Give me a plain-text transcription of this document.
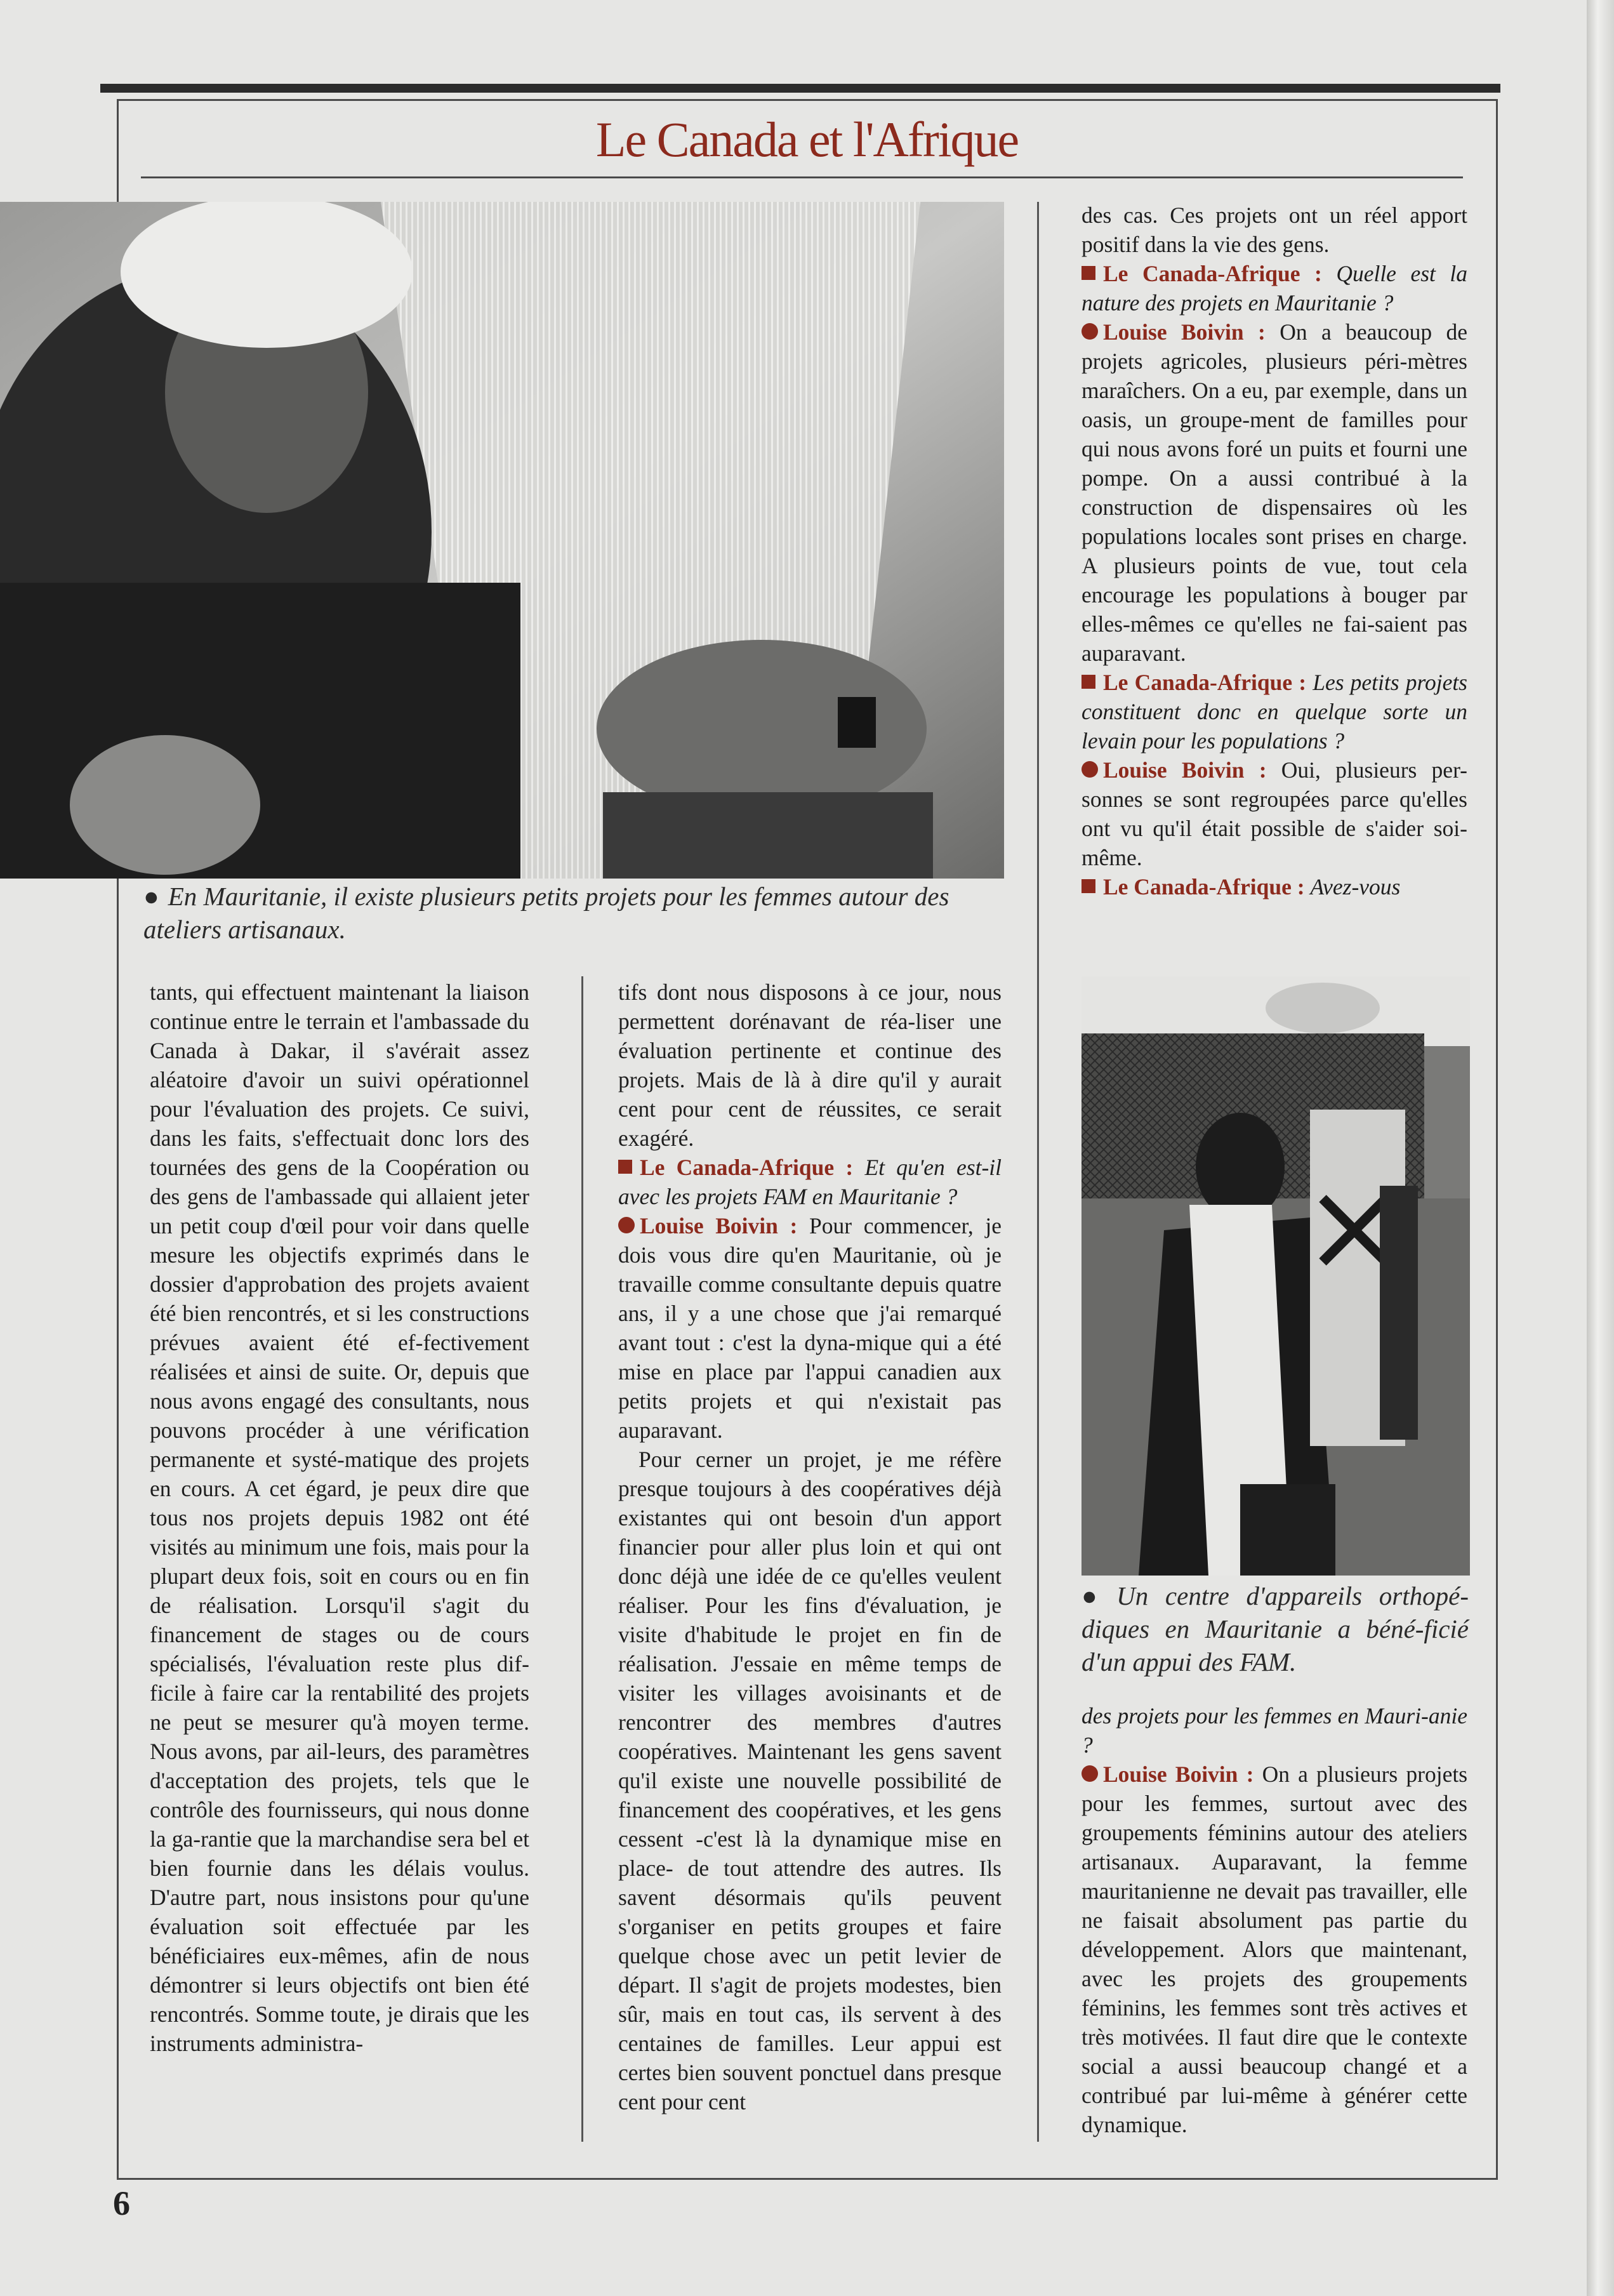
Le Canada et l'Afrique
● En Mauritanie, il existe plusieurs petits projets pour les femmes autour des ateliers artisanaux.

tants, qui effectuent maintenant la liaison continue entre le terrain et l'ambassade du Canada à Dakar, il s'avérait assez aléatoire d'avoir un suivi opérationnel pour l'évaluation des projets. Ce suivi, dans les faits, s'effectuait donc lors des tournées des gens de la Coopération ou des gens de l'ambassade qui allaient jeter un petit coup d'œil pour voir dans quelle mesure les objectifs exprimés dans le dossier d'approbation des projets avaient été bien rencontrés, et si les constructions prévues avaient été ef-fectivement réalisées et ainsi de suite. Or, depuis que nous avons engagé des consultants, nous pouvons procéder à une vérification permanente et systé-matique des projets en cours. A cet égard, je peux dire que tous nos projets depuis 1982 ont été visités au minimum une fois, mais pour la plupart deux fois, soit en cours ou en fin de réalisation. Lorsqu'il s'agit du financement de stages ou de cours spécialisés, l'évaluation reste plus dif-ficile à faire car la rentabilité des projets ne peut se mesurer qu'à moyen terme. Nous avons, par ail-leurs, des paramètres d'acceptation des projets, tels que le contrôle des fournisseurs, qui nous donne la ga-rantie que la marchandise sera bel et bien fournie dans les délais voulus. D'autre part, nous insistons pour qu'une évaluation soit effectuée par les bénéficiaires eux-mêmes, afin de nous démontrer si leurs objectifs ont bien été rencontrés. Somme toute, je dirais que les instruments administra-

tifs dont nous disposons à ce jour, nous permettent dorénavant de réa-liser une évaluation pertinente et continue des projets. Mais de là à dire qu'il y aurait cent pour cent de réussites, ce serait exagéré.

Le Canada-Afrique : Et qu'en est-il avec les projets FAM en Mauritanie ?

Louise Boivin : Pour commencer, je dois vous dire qu'en Mauritanie, où je travaille comme consultante depuis quatre ans, il y a une chose que j'ai remarqué avant tout : c'est la dyna-mique qui a été mise en place par l'appui canadien aux petits projets et qui n'existait pas auparavant.

Pour cerner un projet, je me réfère presque toujours à des coopératives déjà existantes qui ont besoin d'un apport financier pour aller plus loin et qui ont donc déjà une idée de ce qu'elles veulent réaliser. Pour les fins d'évaluation, je visite d'habitude le projet en fin de réalisation. J'essaie en même temps de visiter les villages avoisinants et de rencontrer des membres d'autres coopératives. Maintenant les gens savent qu'il existe une nouvelle possibilité de financement des coopératives, et les gens cessent -c'est là la dynamique mise en place- de tout attendre des autres. Ils savent désormais qu'ils peuvent s'organiser en petits groupes et faire quelque chose avec un petit levier de départ. Il s'agit de projets modestes, bien sûr, mais en tout cas, ils servent à des centaines de familles. Leur appui est certes bien souvent ponctuel dans presque cent pour cent

des cas. Ces projets ont un réel apport positif dans la vie des gens.

Le Canada-Afrique : Quelle est la nature des projets en Mauritanie ?

Louise Boivin : On a beaucoup de projets agricoles, plusieurs péri-mètres maraîchers. On a eu, par exemple, dans un oasis, un groupe-ment de familles pour qui nous avons foré un puits et fourni une pompe. On a aussi contribué à la construction de dispensaires où les populations locales sont prises en charge. A plusieurs points de vue, tout cela encourage les populations à bouger par elles-mêmes ce qu'elles ne fai-saient pas auparavant.

Le Canada-Afrique : Les petits projets constituent donc en quelque sorte un levain pour les populations ?

Louise Boivin : Oui, plusieurs per-sonnes se sont regroupées parce qu'elles ont vu qu'il était possible de s'aider soi-même.

Le Canada-Afrique : Avez-vous

● Un centre d'appareils orthopé-diques en Mauritanie a béné-ficié d'un appui des FAM.

des projets pour les femmes en Mauri-anie ?

Louise Boivin : On a plusieurs projets pour les femmes, surtout avec des groupements féminins autour des ateliers artisanaux. Auparavant, la femme mauritanienne ne devait pas travailler, elle ne faisait absolument pas partie du développement. Alors que maintenant, avec les projets des groupements féminins, les femmes sont très actives et très motivées. Il faut dire que le contexte social a aussi beaucoup changé et a contribué par lui-même à générer cette dynamique.

6
